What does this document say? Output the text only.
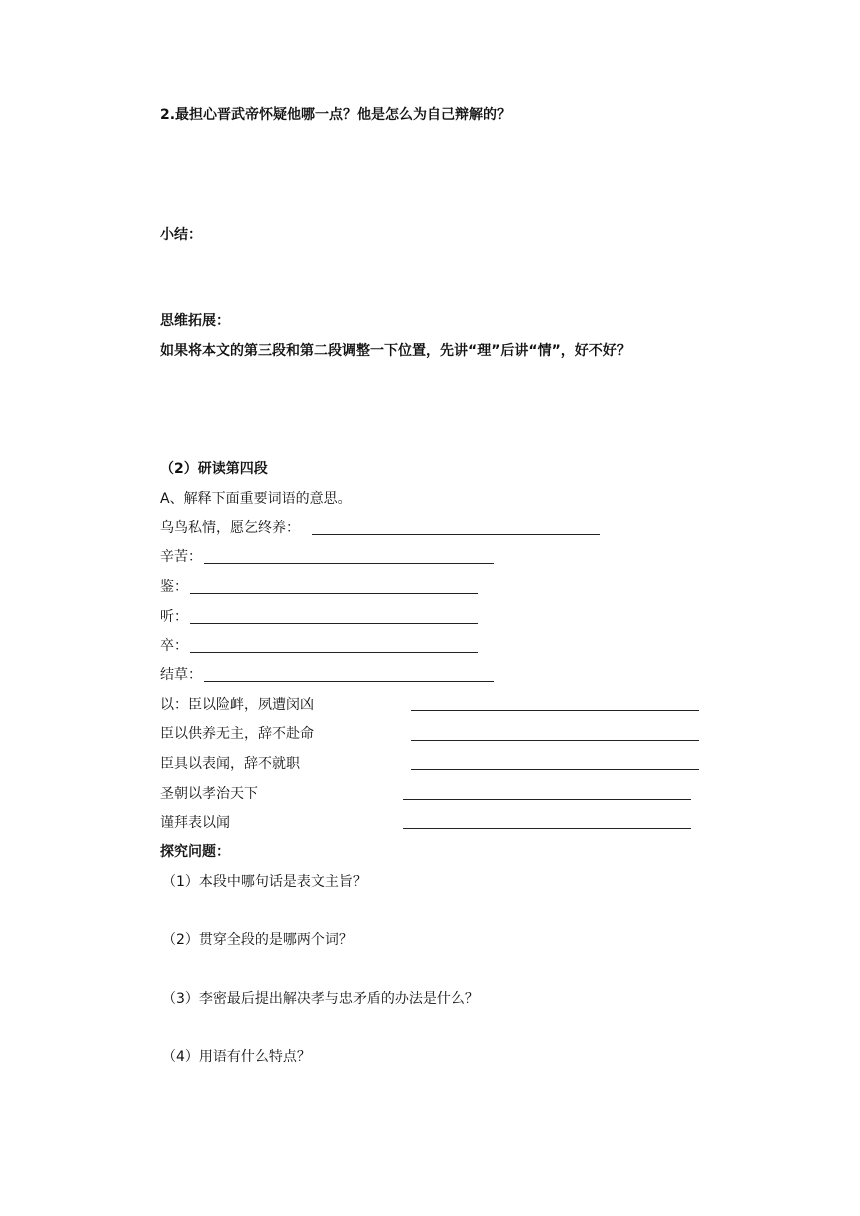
2.最担心晋武帝怀疑他哪一点？他是怎么为自己辩解的？
小结：
思维拓展：
如果将本文的第三段和第二段调整一下位置，先讲“理”后讲“情”，好不好？
（2）研读第四段
A、解释下面重要词语的意思。
乌鸟私情，愿乞终养：
辛苦：
鉴：
听：
卒：
结草：
以：臣以险衅，夙遭闵凶
臣以供养无主，辞不赴命
臣具以表闻，辞不就职
圣朝以孝治天下
谨拜表以闻
探究问题：
（1）本段中哪句话是表文主旨？
（2）贯穿全段的是哪两个词？
（3）李密最后提出解决孝与忠矛盾的办法是什么？
（4）用语有什么特点？
